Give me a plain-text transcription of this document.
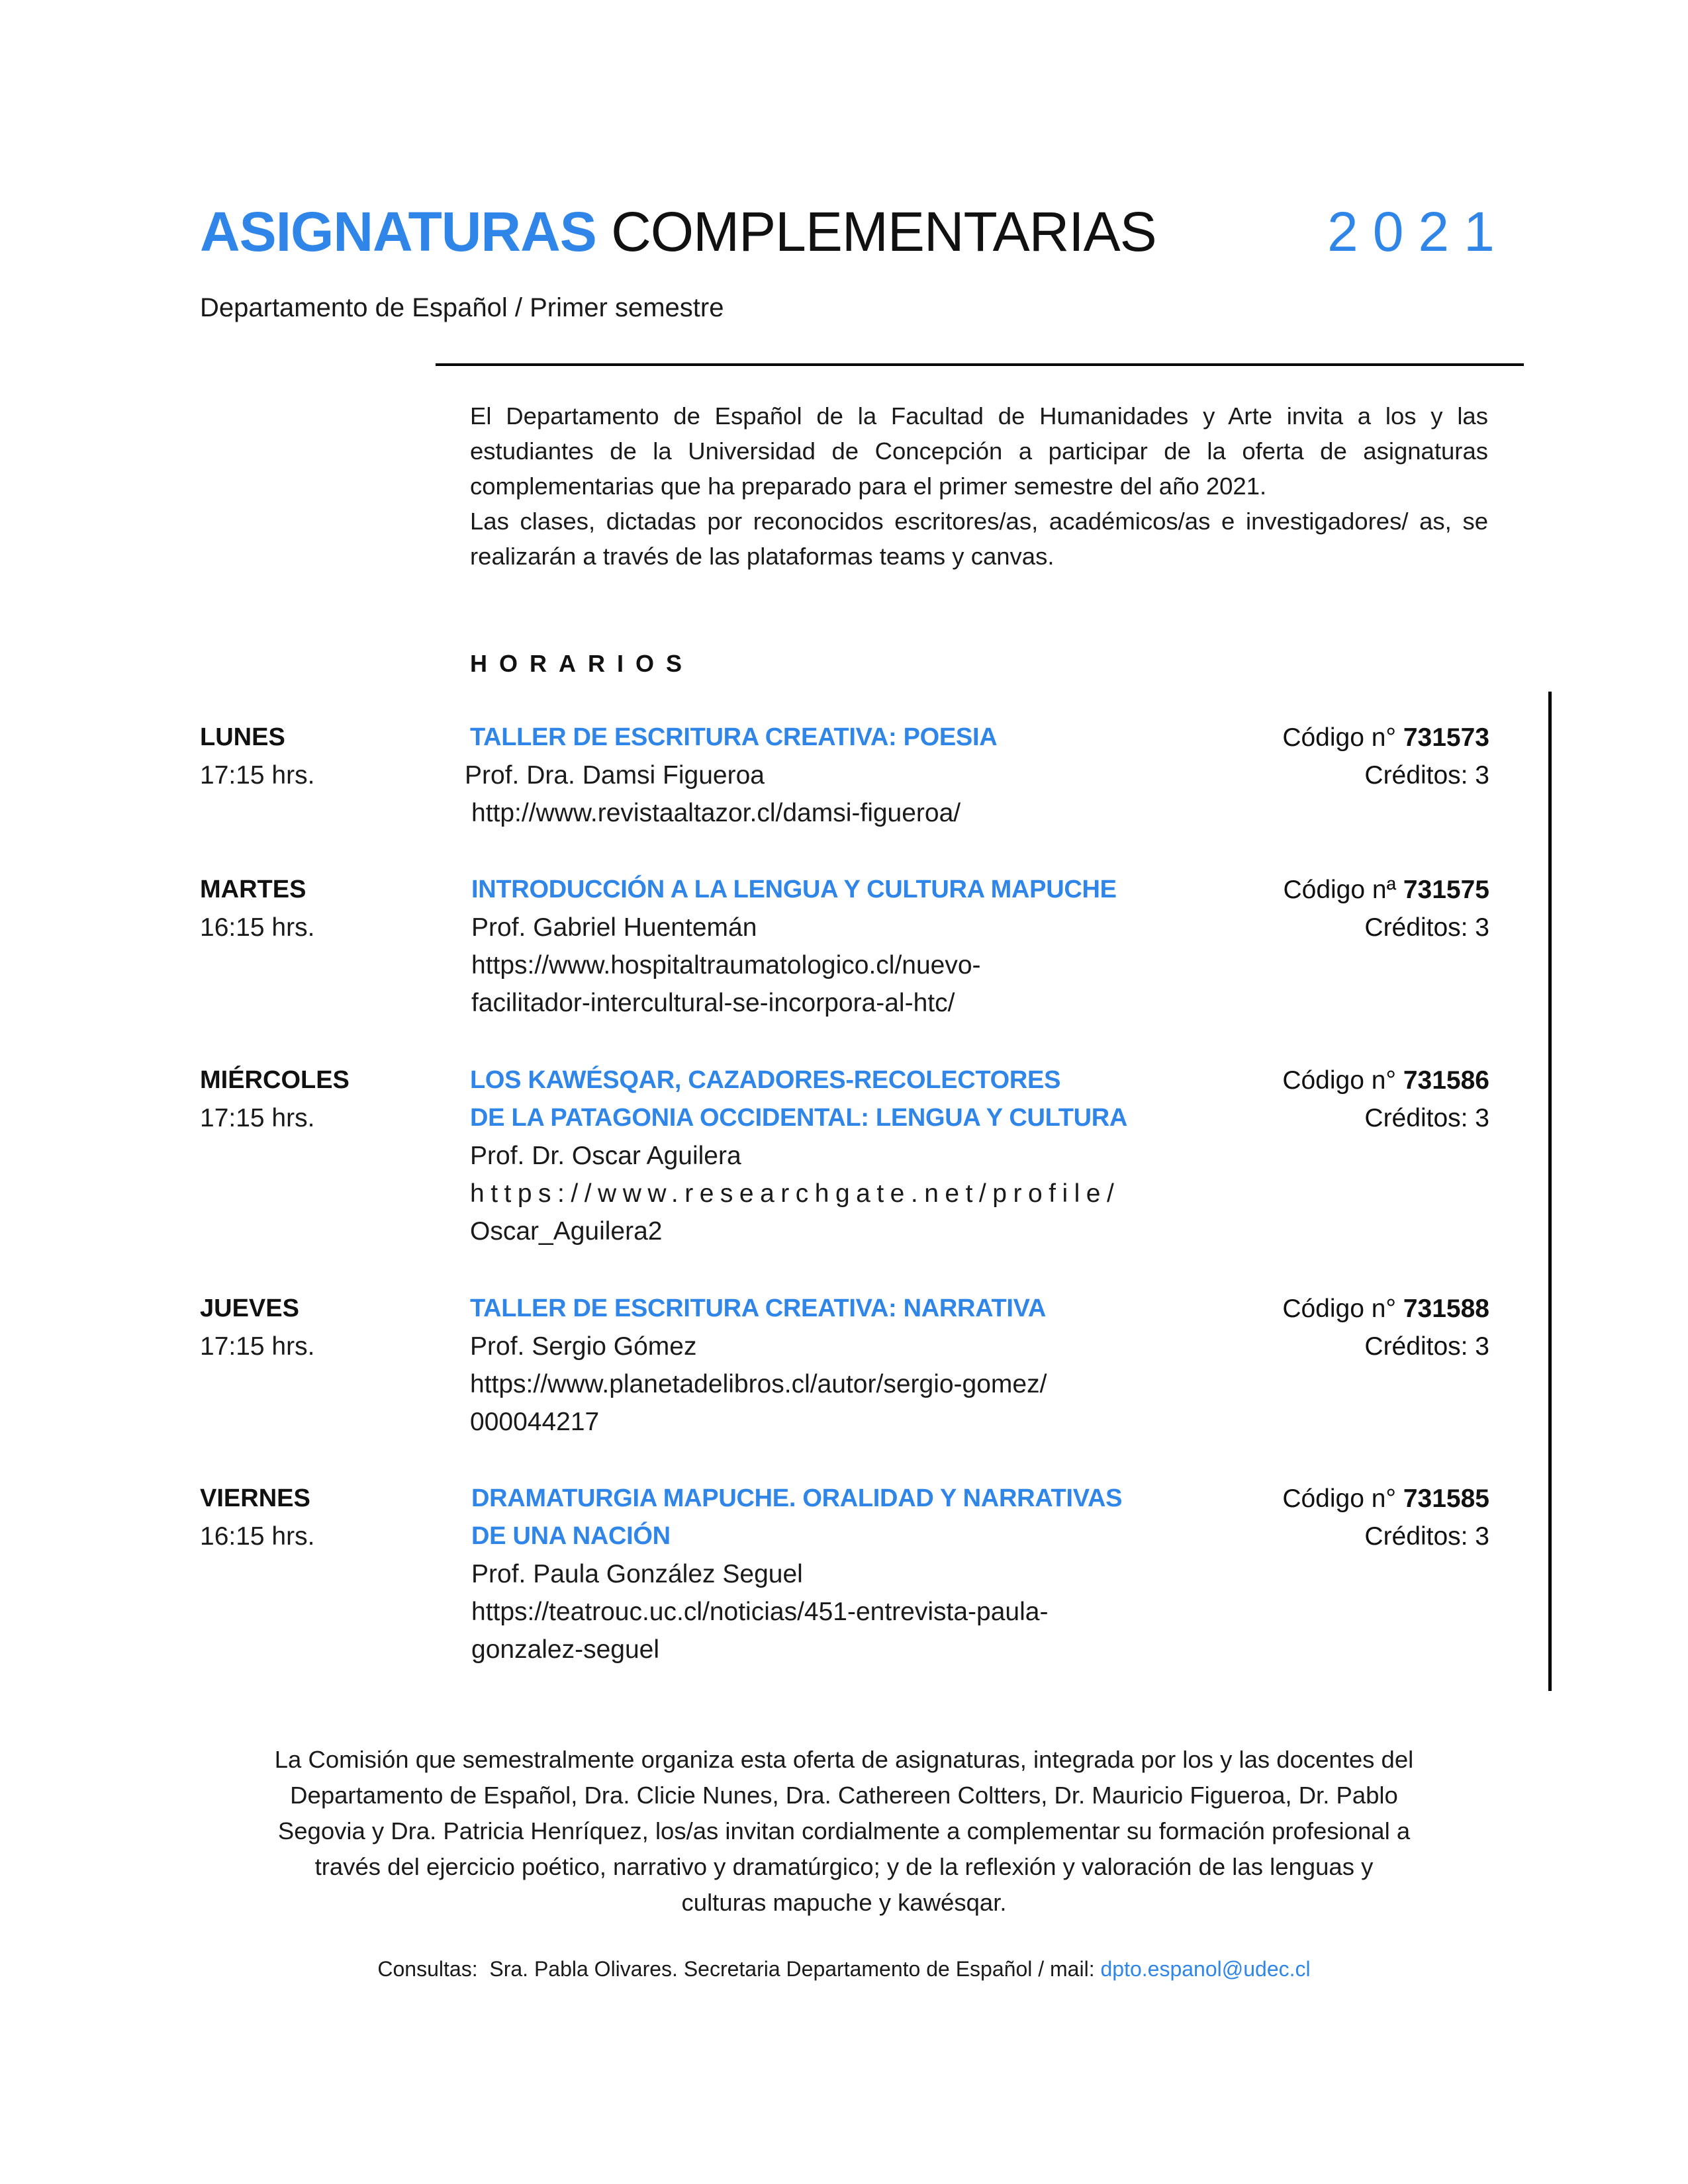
ASIGNATURAS COMPLEMENTARIAS	2021
Departamento de Español / Primer semestre

El Departamento de Español de la Facultad de Humanidades y Arte invita a los y las estudiantes de la Universidad de Concepción a participar de la oferta de asignaturas complementarias que ha preparado para el primer semestre del año 2021.

Las clases, dictadas por reconocidos escritores/as, académicos/as e investigadores/ as, se realizarán a través de las plataformas teams y canvas.

HORARIOS
LUNES	TALLER DE ESCRITURA CREATIVA: POESIA	Código n° 731573
17:15 hrs.	Prof. Dra. Damsi Figueroa	Créditos: 3
http://www.revistaaltazor.cl/damsi-figueroa/
MARTES	INTRODUCCIÓN A LA LENGUA Y CULTURA MAPUCHE	Código nª 731575
16:15 hrs.	Prof. Gabriel Huentemán	Créditos: 3
https://www.hospitaltraumatologico.cl/nuevo-
facilitador-intercultural-se-incorpora-al-htc/
MIÉRCOLES	LOS KAWÉSQAR, CAZADORES-RECOLECTORES	Código n° 731586
17:15 hrs.	DE LA PATAGONIA OCCIDENTAL: LENGUA Y CULTURA	Créditos: 3
Prof. Dr. Oscar Aguilera
https://www.researchgate.net/profile/
Oscar_Aguilera2
JUEVES	TALLER DE ESCRITURA CREATIVA: NARRATIVA	Código n° 731588
17:15 hrs.	Prof. Sergio Gómez	Créditos: 3
https://www.planetadelibros.cl/autor/sergio-gomez/
000044217
VIERNES	DRAMATURGIA MAPUCHE. ORALIDAD Y NARRATIVAS	Código n° 731585
16:15 hrs.	DE UNA NACIÓN	Créditos: 3
Prof. Paula González Seguel
https://teatrouc.uc.cl/noticias/451-entrevista-paula-
gonzalez-seguel
La Comisión que semestralmente organiza esta oferta de asignaturas, integrada por los y las docentes del
Departamento de Español, Dra. Clicie Nunes, Dra. Cathereen Coltters, Dr. Mauricio Figueroa, Dr. Pablo
Segovia y Dra. Patricia Henríquez, los/as invitan cordialmente a complementar su formación profesional a
través del ejercicio poético, narrativo y dramatúrgico; y de la reflexión y valoración de las lenguas y
culturas mapuche y kawésqar.
Consultas:  Sra. Pabla Olivares. Secretaria Departamento de Español / mail: dpto.espanol@udec.cl
